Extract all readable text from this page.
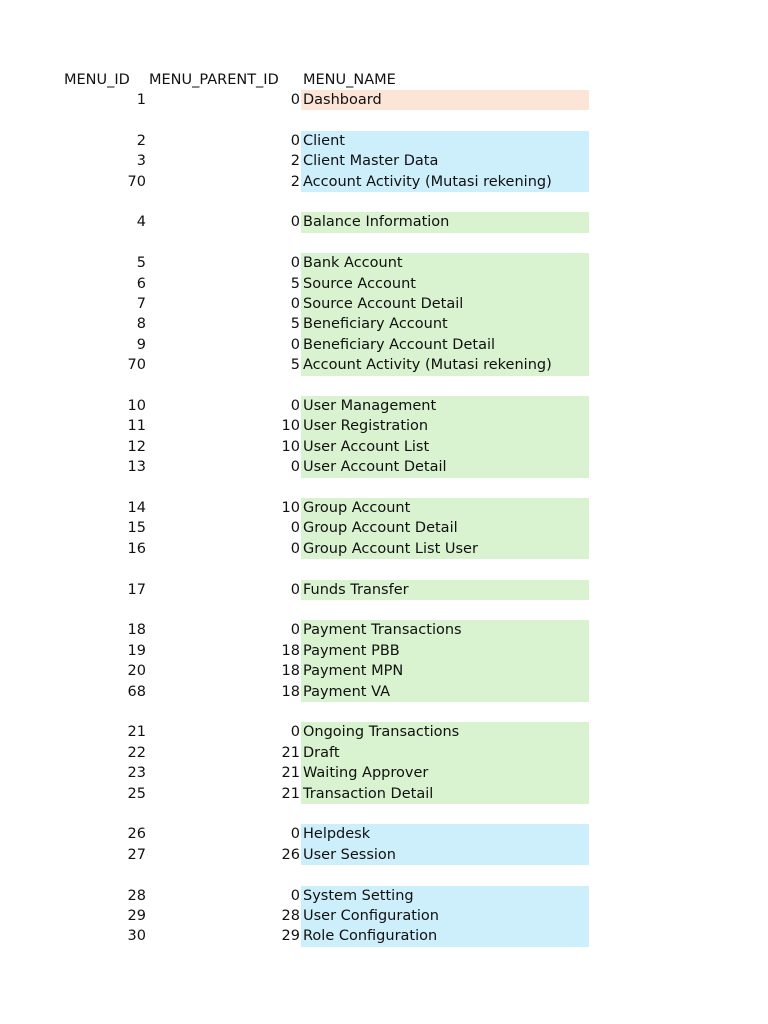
MENU_ID MENU_PARENT_ID MENU_NAME
1	0 Dashboard
2	0 Client
3	2 Client Master Data
70	2 Account Activity (Mutasi rekening)
4	0 Balance Information
5	0 Bank Account
6	5 Source Account
7	0 Source Account Detail
8	5 Beneficiary Account
9	0 Beneficiary Account Detail
70	5 Account Activity (Mutasi rekening)
10	0 User Management
11	10 User Registration
12	10 User Account List
13	0 User Account Detail
14	10 Group Account
15	0 Group Account Detail
16	0 Group Account List User
17	0 Funds Transfer
18	0 Payment Transactions
19	18 Payment PBB
20	18 Payment MPN
68	18 Payment VA
21	0 Ongoing Transactions
22	21 Draft
23	21 Waiting Approver
25	21 Transaction Detail
26	0 Helpdesk
27	26 User Session
28	0 System Setting
29	28 User Configuration
30	29 Role Configuration
